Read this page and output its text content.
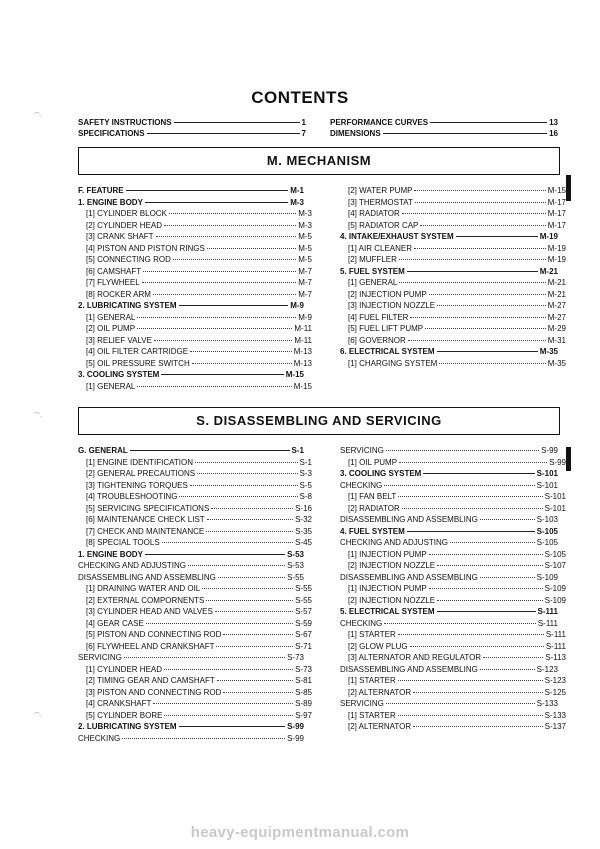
CONTENTS
SAFETY INSTRUCTIONS	1
SPECIFICATIONS	7
PERFORMANCE CURVES	13
DIMENSIONS	16
M. MECHANISM
F. FEATURE	M-1
1. ENGINE BODY	M-3
[1] CYLINDER BLOCK	M-3
[2] CYLINDER HEAD	M-3
[3] CRANK SHAFT	M-5
[4] PISTON AND PISTON RINGS	M-5
[5] CONNECTING ROD	M-5
[6] CAMSHAFT	M-7
[7] FLYWHEEL	M-7
[8] ROCKER ARM	M-7
2. LUBRICATING SYSTEM	M-9
[1] GENERAL	M-9
[2] OIL PUMP	M-11
[3] RELIEF VALVE	M-11
[4] OIL FILTER CARTRIDGE	M-13
[5] OIL PRESSURE SWITCH	M-13
3. COOLING SYSTEM	M-15
[1] GENERAL	M-15
[2] WATER PUMP	M-15
[3] THERMOSTAT	M-17
[4] RADIATOR	M-17
[5] RADIATOR CAP	M-17
4. INTAKE/EXHAUST SYSTEM	M-19
[1] AIR CLEANER	M-19
[2] MUFFLER	M-19
5. FUEL SYSTEM	M-21
[1] GENERAL	M-21
[2] INJECTION PUMP	M-21
[3] INJECTION NOZZLE	M-27
[4] FUEL FILTER	M-27
[5] FUEL LIFT PUMP	M-29
[6] GOVERNOR	M-31
6. ELECTRICAL SYSTEM	M-35
[1] CHARGING SYSTEM	M-35
S. DISASSEMBLING AND SERVICING
G. GENERAL	S-1
[1] ENGINE IDENTIFICATION	S-1
[2] GENERAL PRECAUTIONS	S-3
[3] TIGHTENING TORQUES	S-5
[4] TROUBLESHOOTING	S-8
[5] SERVICING SPECIFICATIONS	S-16
[6] MAINTENANCE CHECK LIST	S-32
[7] CHECK AND MAINTENANCE	S-35
[8] SPECIAL TOOLS	S-45
1. ENGINE BODY	S-53
CHECKING AND ADJUSTING	S-53
DISASSEMBLING AND ASSEMBLING	S-55
[1] DRAINING WATER AND OIL	S-55
[2] EXTERNAL COMPORNENTS	S-55
[3] CYLINDER HEAD AND VALVES	S-57
[4] GEAR CASE	S-59
[5] PISTON AND CONNECTING ROD	S-67
[6] FLYWHEEL AND CRANKSHAFT	S-71
SERVICING	S-73
[1] CYLINDER HEAD	S-73
[2] TIMING GEAR AND CAMSHAFT	S-81
[3] PISTON AND CONNECTING ROD	S-85
[4] CRANKSHAFT	S-89
[5] CYLINDER BORE	S-97
2. LUBRICATING SYSTEM	S-99
CHECKING	S-99
SERVICING	S-99
[1] OIL PUMP	S-99
3. COOLING SYSTEM	S-101
CHECKING	S-101
[1] FAN BELT	S-101
[2] RADIATOR	S-101
DISASSEMBLING AND ASSEMBLING	S-103
4. FUEL SYSTEM	S-105
CHECKING AND ADJUSTING	S-105
[1] INJECTION PUMP	S-105
[2] INJECTION NOZZLE	S-107
DISASSEMBLING AND ASSEMBLING	S-109
[1] INJECTION PUMP	S-109
[2] INJECTION NOZZLE	S-109
5. ELECTRICAL SYSTEM	S-111
CHECKING	S-111
[1] STARTER	S-111
[2] GLOW PLUG	S-111
[3] ALTERNATOR AND REGULATOR	S-113
DISASSEMBLING AND ASSEMBLING	S-123
[1] STARTER	S-123
[2] ALTERNATOR	S-125
SERVICING	S-133
[1] STARTER	S-133
[2] ALTERNATOR	S-137
⌒∙
⌒∙
⌒∙
heavy-equipmentmanual.com
